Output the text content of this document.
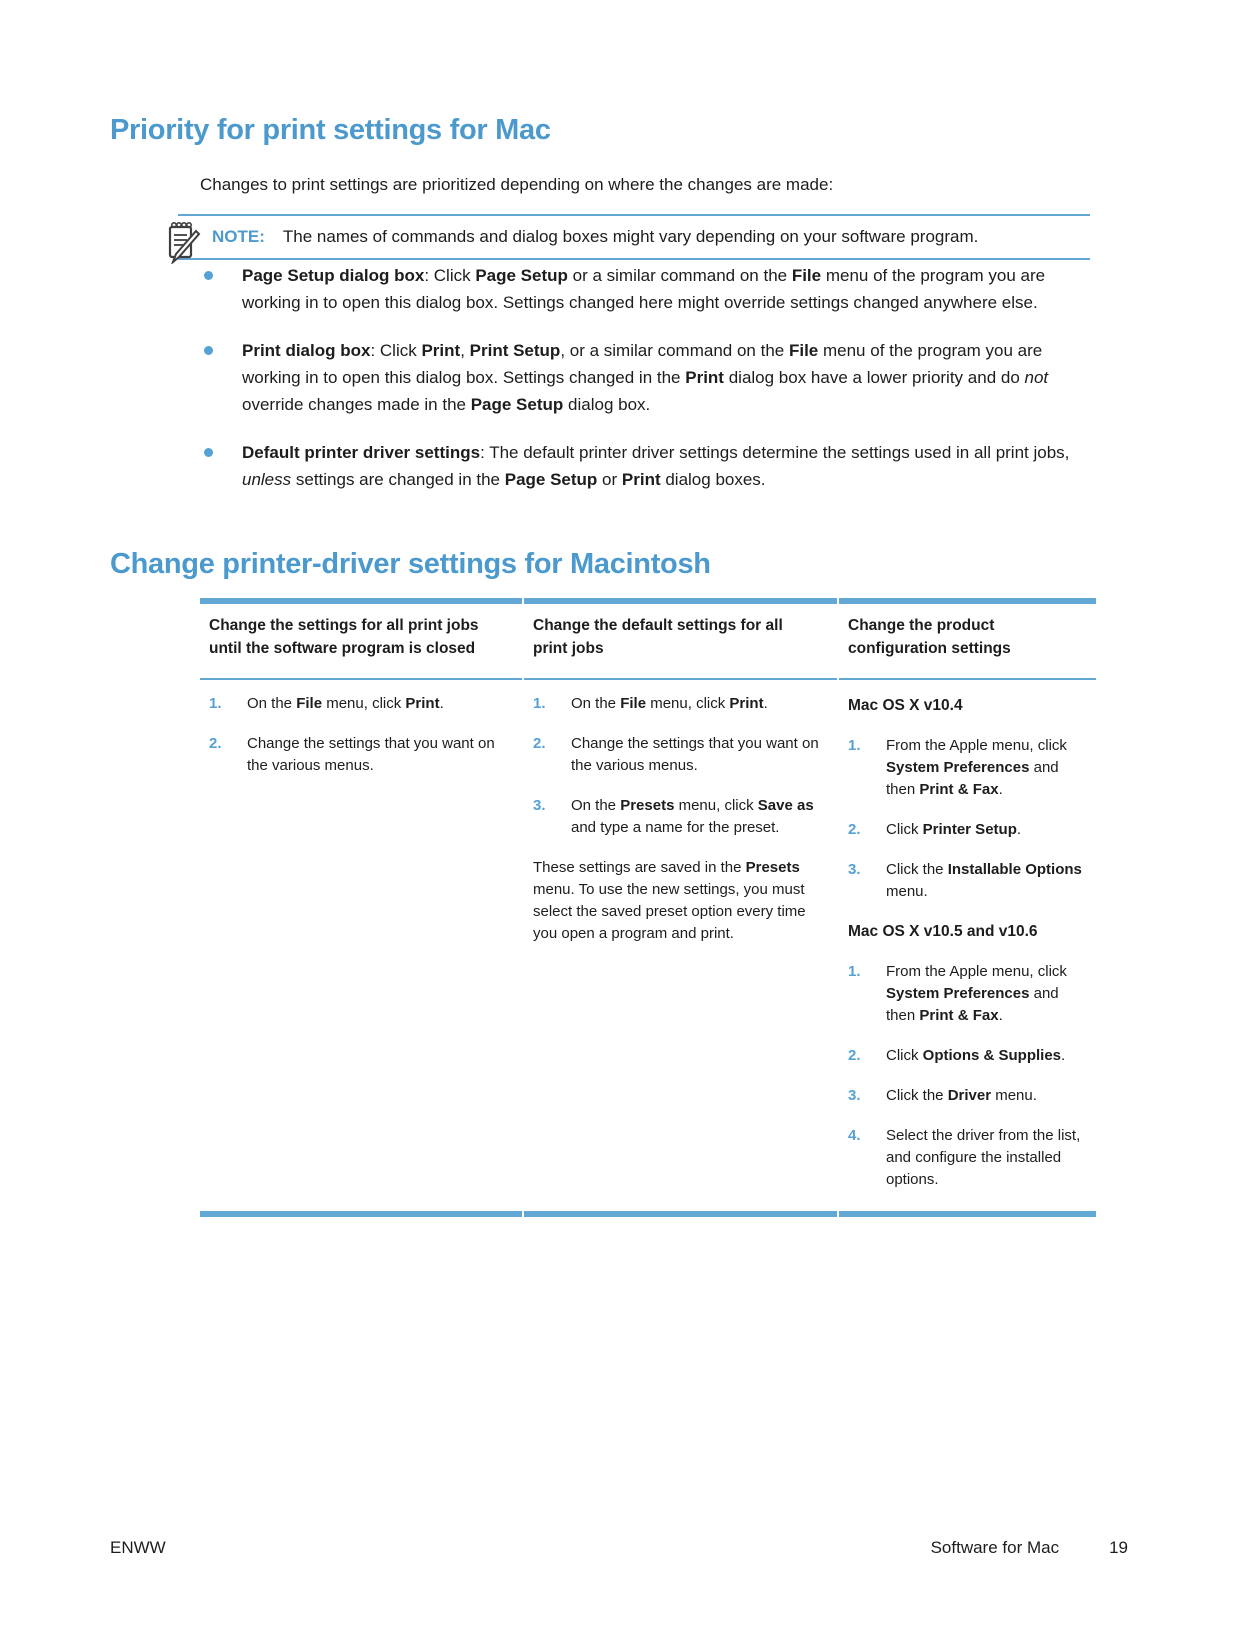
Priority for print settings for Mac

Changes to print settings are prioritized depending on where the changes are made:

NOTE: The names of commands and dialog boxes might vary depending on your software program.
Page Setup dialog box: Click Page Setup or a similar command on the File menu of the program you are working in to open this dialog box. Settings changed here might override settings changed anywhere else.
Print dialog box: Click Print, Print Setup, or a similar command on the File menu of the program you are working in to open this dialog box. Settings changed in the Print dialog box have a lower priority and do not override changes made in the Page Setup dialog box.
Default printer driver settings: The default printer driver settings determine the settings used in all print jobs, unless settings are changed in the Page Setup or Print dialog boxes.
Change printer-driver settings for Macintosh
Change the settings for all print jobs until the software program is closed	Change the default settings for all print jobs	Change the product configuration settings

1. On the File menu, click Print.
2. Change the settings that you want on the various menus.

1. On the File menu, click Print.
2. Change the settings that you want on the various menus.
3. On the Presets menu, click Save as and type a name for the preset.
These settings are saved in the Presets menu. To use the new settings, you must select the saved preset option every time you open a program and print.

Mac OS X v10.4
1. From the Apple menu, click System Preferences and then Print & Fax.
2. Click Printer Setup.
3. Click the Installable Options menu.
Mac OS X v10.5 and v10.6
1. From the Apple menu, click System Preferences and then Print & Fax.
2. Click Options & Supplies.
3. Click the Driver menu.
4. Select the driver from the list, and configure the installed options.
ENWW	Software for Mac	19
